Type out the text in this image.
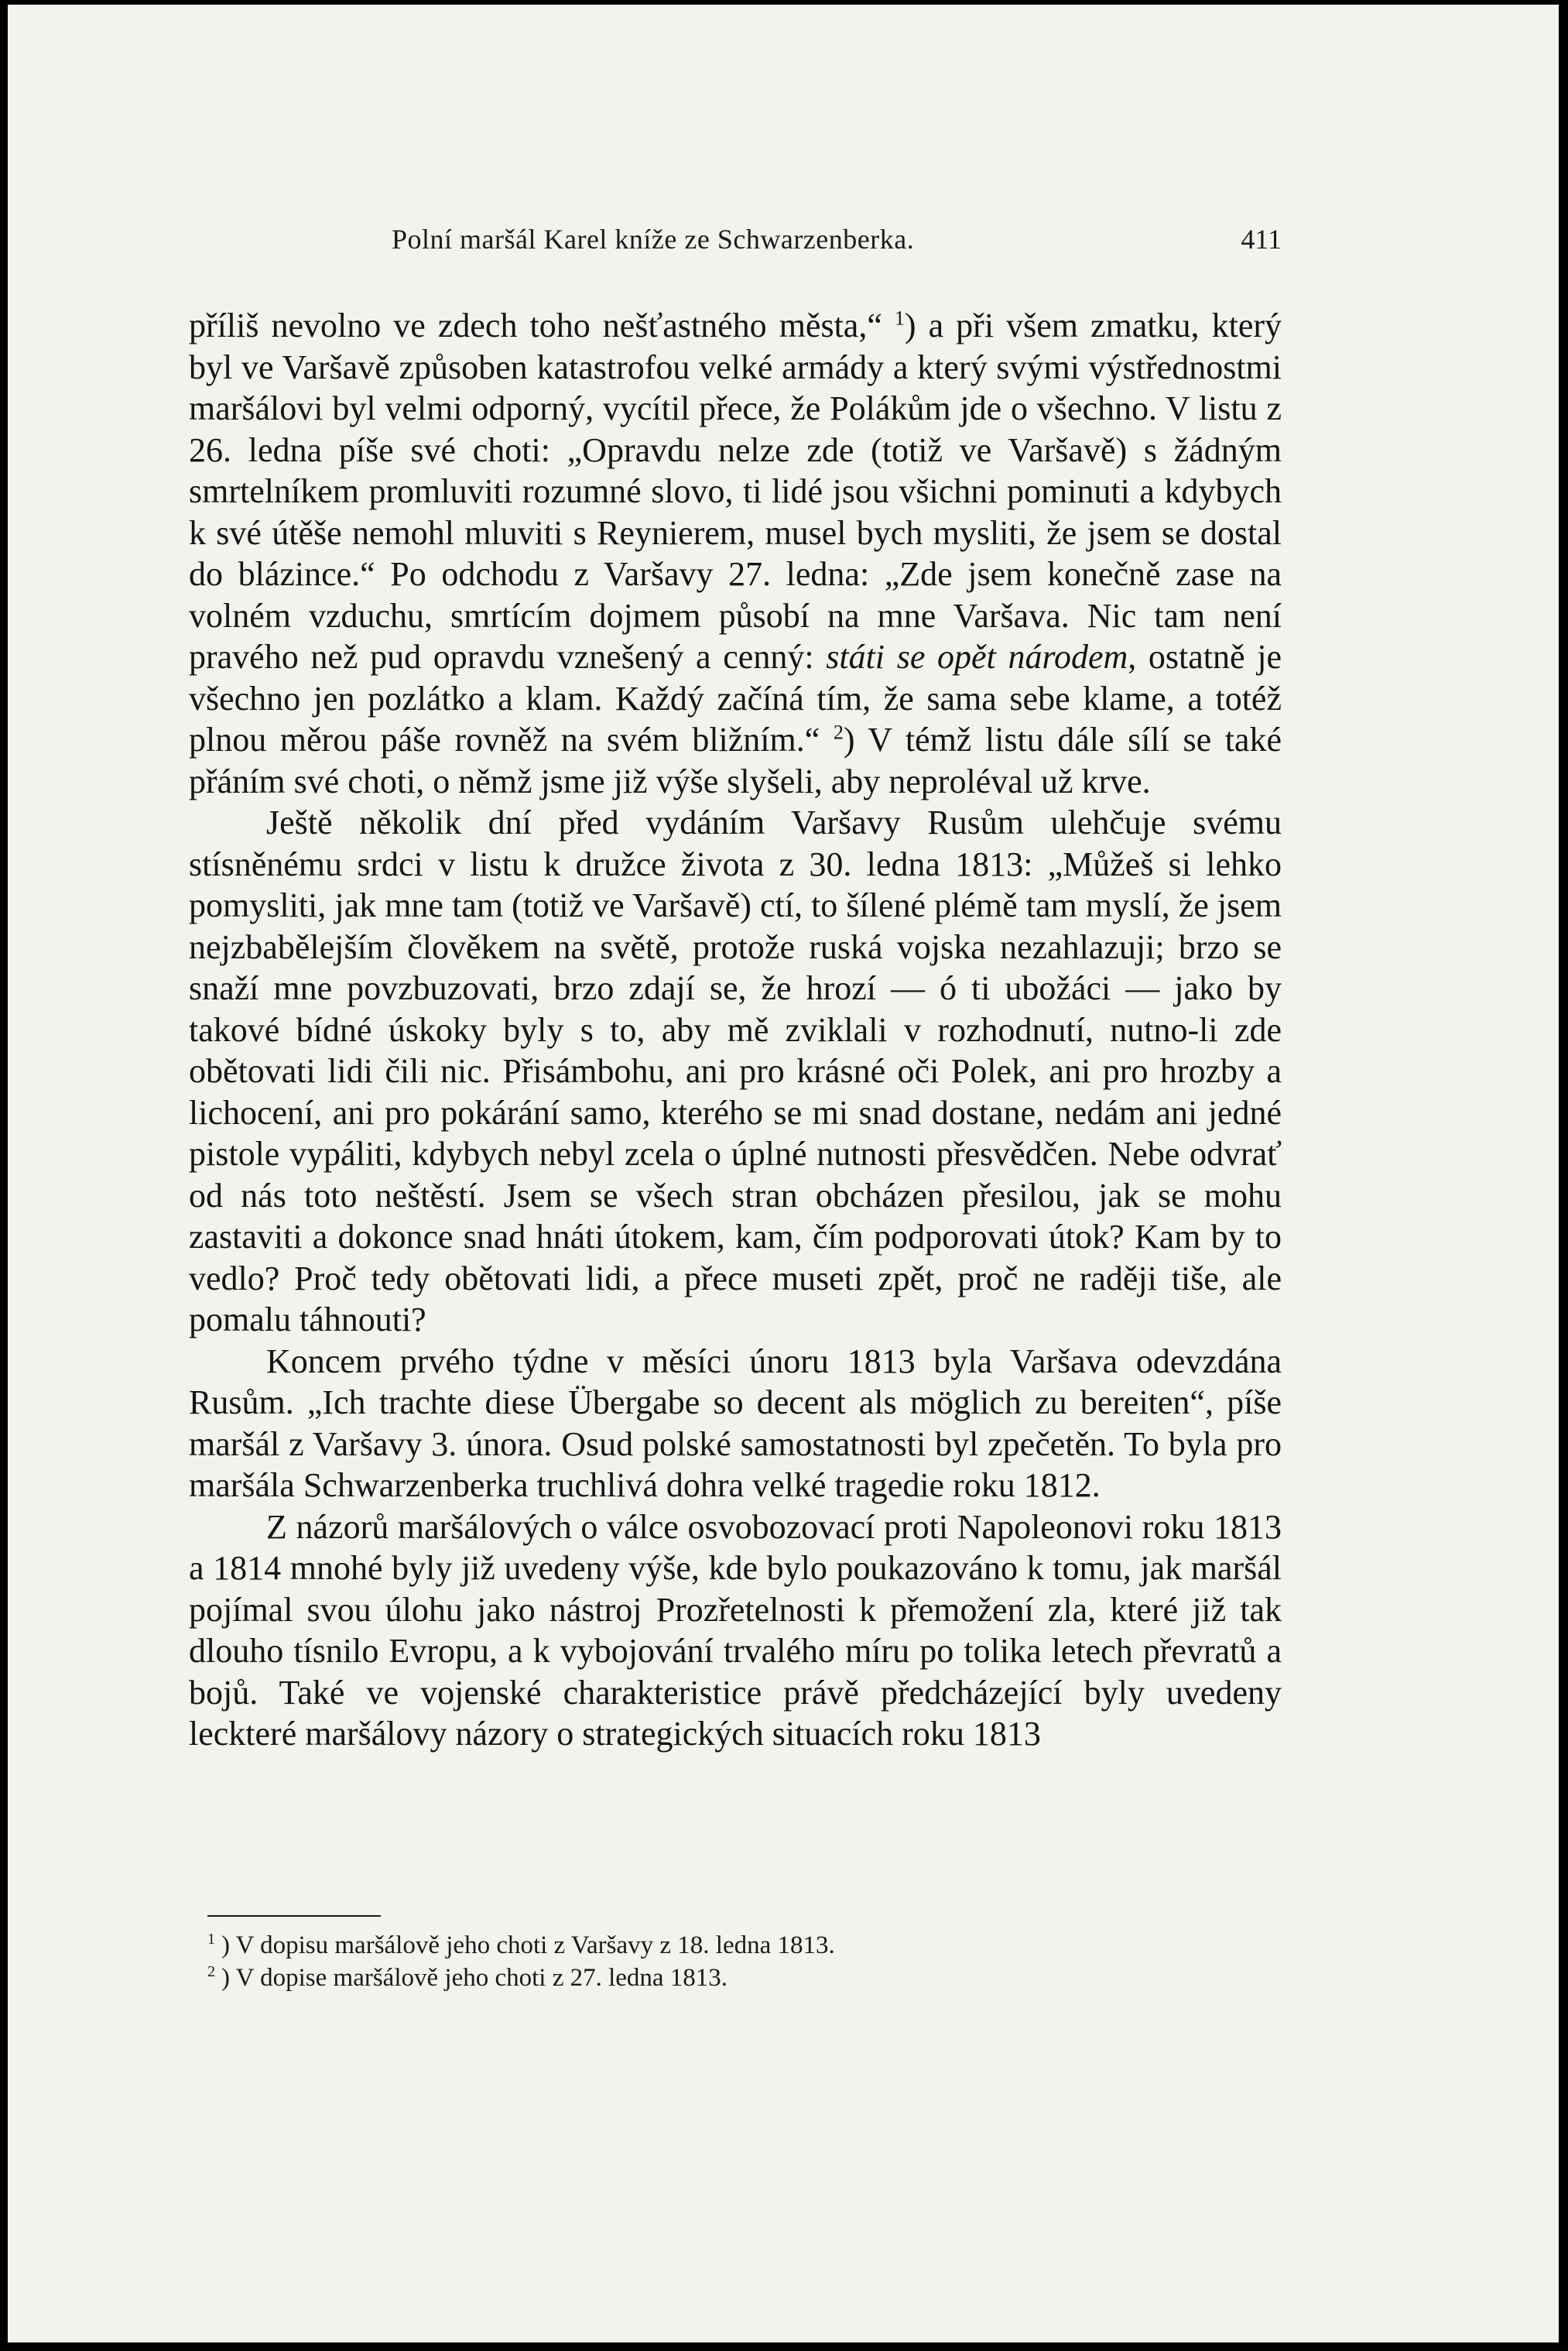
Polní maršál Karel kníže ze Schwarzenberka.	411

příliš nevolno ve zdech toho nešťastného města,“ $^1$) a při všem zmatku, který byl ve Varšavě způsoben katastrofou velké armády a který svými výstřednostmi maršálovi byl velmi odporný, vycítil přece, že Polákům jde o všechno. V listu z 26. ledna píše své choti: „Opravdu nelze zde (totiž ve Varšavě) s žádným smrtelníkem promluviti rozumné slovo, ti lidé jsou všichni pominuti a kdybych k své útěše nemohl mluviti s Reynierem, musel bych mysliti, že jsem se dostal do blázince.“ Po odchodu z Varšavy 27. ledna: „Zde jsem konečně zase na volném vzduchu, smrtícím dojmem působí na mne Varšava. Nic tam není pravého než pud opravdu vznešený a cenný: státi se opět národem, ostatně je všechno jen pozlátko a klam. Každý začíná tím, že sama sebe klame, a totéž plnou měrou páše rovněž na svém bližním.“ $^2$) V témž listu dále sílí se také přáním své choti, o němž jsme již výše slyšeli, aby neproléval už krve.

Ještě několik dní před vydáním Varšavy Rusům ulehčuje svému stísněnému srdci v listu k družce života z 30. ledna 1813: „Můžeš si lehko pomysliti, jak mne tam (totiž ve Varšavě) ctí, to šílené plémě tam myslí, že jsem nejzbabělejším člověkem na světě, protože ruská vojska nezahlazuji; brzo se snaží mne povzbuzovati, brzo zdají se, že hrozí — ó ti ubožáci — jako by takové bídné úskoky byly s to, aby mě zviklali v rozhodnutí, nutno-li zde obětovati lidi čili nic. Přisámbohu, ani pro krásné oči Polek, ani pro hrozby a lichocení, ani pro pokárání samo, kterého se mi snad dostane, nedám ani jedné pistole vypáliti, kdybych nebyl zcela o úplné nutnosti přesvědčen. Nebe odvrať od nás toto neštěstí. Jsem se všech stran obcházen přesilou, jak se mohu zastaviti a dokonce snad hnáti útokem, kam, čím podporovati útok? Kam by to vedlo? Proč tedy obětovati lidi, a přece museti zpět, proč ne raději tiše, ale pomalu táhnouti?

Koncem prvého týdne v měsíci únoru 1813 byla Varšava odevzdána Rusům. „Ich trachte diese Übergabe so decent als möglich zu bereiten“, píše maršál z Varšavy 3. února. Osud polské samostatnosti byl zpečetěn. To byla pro maršála Schwarzenberka truchlivá dohra velké tragedie roku 1812.

Z názorů maršálových o válce osvobozovací proti Napoleonovi roku 1813 a 1814 mnohé byly již uvedeny výše, kde bylo poukazováno k tomu, jak maršál pojímal svou úlohu jako nástroj Prozřetelnosti k přemožení zla, které již tak dlouho tísnilo Evropu, a k vybojování trvalého míru po tolika letech převratů a bojů. Také ve vojenské charakteristice právě předcházející byly uvedeny leckteré maršálovy názory o strategických situacích roku 1813

$^1$ ) V dopisu maršálově jeho choti z Varšavy z 18. ledna 1813.
$^2$ ) V dopise maršálově jeho choti z 27. ledna 1813.
